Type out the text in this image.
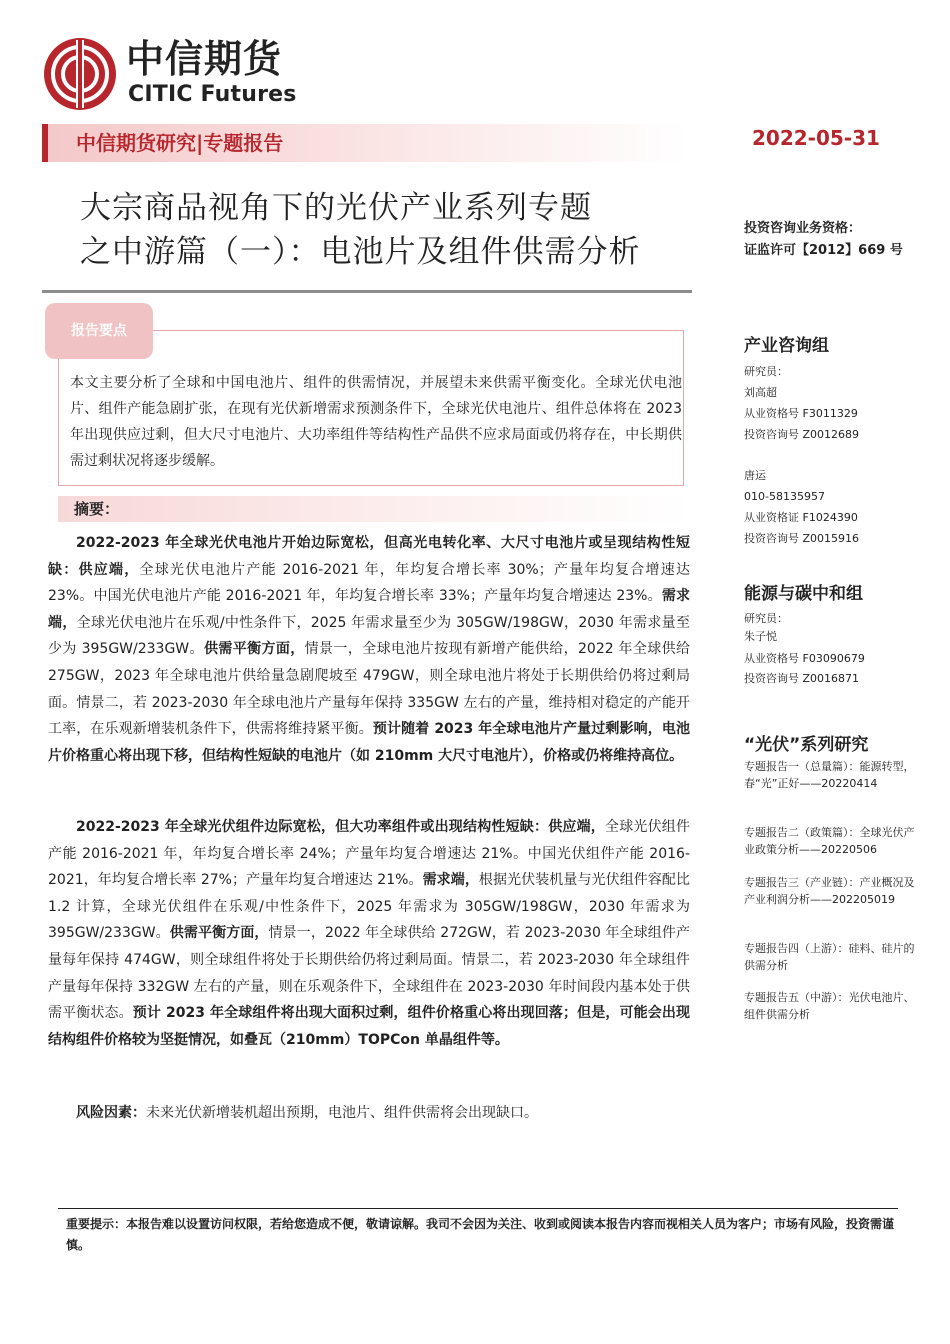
中信期货
CITIC Futures
中信期货研究|专题报告	2022-05-31
大宗商品视角下的光伏产业系列专题
之中游篇（一）：电池片及组件供需分析
投资咨询业务资格：
证监许可【2012】669 号
报告要点
本文主要分析了全球和中国电池片、组件的供需情况，并展望未来供需平衡变化。全球光伏电池片、组件产能急剧扩张，在现有光伏新增需求预测条件下，全球光伏电池片、组件总体将在 2023 年出现供应过剩，但大尺寸电池片、大功率组件等结构性产品供不应求局面或仍将存在，中长期供需过剩状况将逐步缓解。
摘要：

2022-2023 年全球光伏电池片开始边际宽松，但高光电转化率、大尺寸电池片或呈现结构性短缺：供应端，全球光伏电池片产能 2016-2021 年，年均复合增长率 30%；产量年均复合增速达 23%。中国光伏电池片产能 2016-2021 年，年均复合增长率 33%；产量年均复合增速达 23%。需求端，全球光伏电池片在乐观/中性条件下，2025 年需求量至少为 305GW/198GW，2030 年需求量至少为 395GW/233GW。供需平衡方面，情景一，全球电池片按现有新增产能供给，2022 年全球供给 275GW，2023 年全球电池片供给量急剧爬坡至 479GW，则全球电池片将处于长期供给仍将过剩局面。情景二，若 2023-2030 年全球电池片产量每年保持 335GW 左右的产量，维持相对稳定的产能开工率，在乐观新增装机条件下，供需将维持紧平衡。预计随着 2023 年全球电池片产量过剩影响，电池片价格重心将出现下移，但结构性短缺的电池片（如 210mm 大尺寸电池片），价格或仍将维持高位。

2022-2023 年全球光伏组件边际宽松，但大功率组件或出现结构性短缺：供应端，全球光伏组件产能 2016-2021 年，年均复合增长率 24%；产量年均复合增速达 21%。中国光伏组件产能 2016-2021，年均复合增长率 27%；产量年均复合增速达 21%。需求端，根据光伏装机量与光伏组件容配比 1.2 计算，全球光伏组件在乐观/中性条件下，2025 年需求为 305GW/198GW，2030 年需求为 395GW/233GW。供需平衡方面，情景一，2022 年全球供给 272GW，若 2023-2030 年全球组件产量每年保持 474GW，则全球组件将处于长期供给仍将过剩局面。情景二，若 2023-2030 年全球组件产量每年保持 332GW 左右的产量，则在乐观条件下，全球组件在 2023-2030 年时间段内基本处于供需平衡状态。预计 2023 年全球组件将出现大面积过剩，组件价格重心将出现回落；但是，可能会出现结构组件价格较为坚挺情况，如叠瓦（210mm）TOPCon 单晶组件等。

风险因素：未来光伏新增装机超出预期，电池片、组件供需将会出现缺口。

产业咨询组
研究员：
刘高超
从业资格号 F3011329
投资咨询号 Z0012689
唐运
010-58135957
从业资格证 F1024390
投资咨询号 Z0015916
能源与碳中和组
研究员：
朱子悦
从业资格号 F03090679
投资咨询号 Z0016871
“光伏”系列研究
专题报告一（总量篇）：能源转型，春“光”正好——20220414
专题报告二（政策篇）：全球光伏产业政策分析——20220506
专题报告三（产业链）：产业概况及产业利润分析——202205019
专题报告四（上游）：硅料、硅片的供需分析
专题报告五（中游）：光伏电池片、组件供需分析
重要提示：本报告难以设置访问权限，若给您造成不便，敬请谅解。我司不会因为关注、收到或阅读本报告内容而视相关人员为客户；市场有风险，投资需谨慎。
